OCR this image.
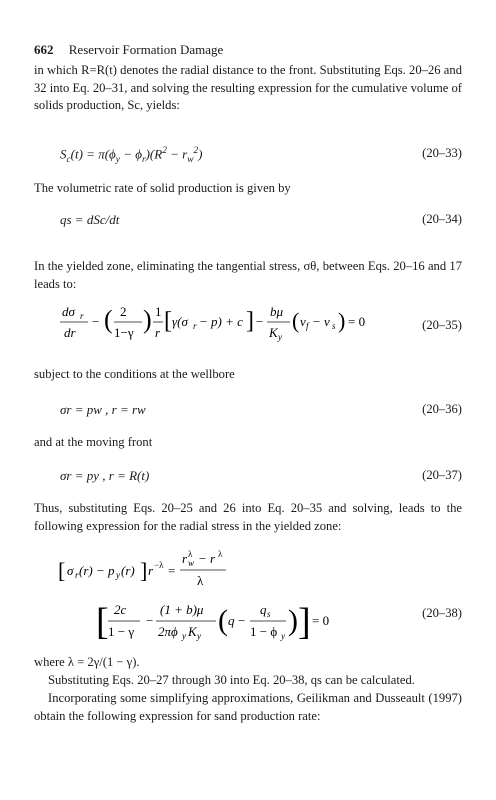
662 Reservoir Formation Damage

in which R=R(t) denotes the radial distance to the front. Substituting Eqs. 20–26 and 32 into Eq. 20–31, and solving the resulting expression for the cumulative volume of solids production, Sc, yields:

$S_c(t) = \pi(\phi_y - \phi_r)(R^2 - r_w^2)$	(20–33)

The volumetric rate of solid production is given by

qs = dSc/dt	(20–34)

In the yielded zone, eliminating the tangential stress, σθ, between Eqs. 20–16 and 17 leads to:

dσ r
dr
− ( 2
1−γ ) 1
r [ γ(σ r − p) + c ] −
bμ
K y
( v f − v s ) = 0	(20–35)

subject to the conditions at the wellbore

σr = pw , r = rw	(20–36)

and at the moving front

σr = py , r = R(t)	(20–37)

Thus, substituting Eqs. 20–25 and 26 into Eq. 20–35 and solving, leads to the following expression for the radial stress in the yielded zone:

[ σ r (r) − p y (r) ] r −λ =
r w
λ − r λ
λ
[ 2c
1 − γ
−
(1 + b)μ
2πϕ y K y ( q −
q s
1 − ϕ y ) ] = 0	(20–38)

where λ = 2γ/(1 − γ).

Substituting Eqs. 20–27 through 30 into Eq. 20–38, qs can be calculated.

Incorporating some simplifying approximations, Geilikman and Dusseault (1997) obtain the following expression for sand production rate:
